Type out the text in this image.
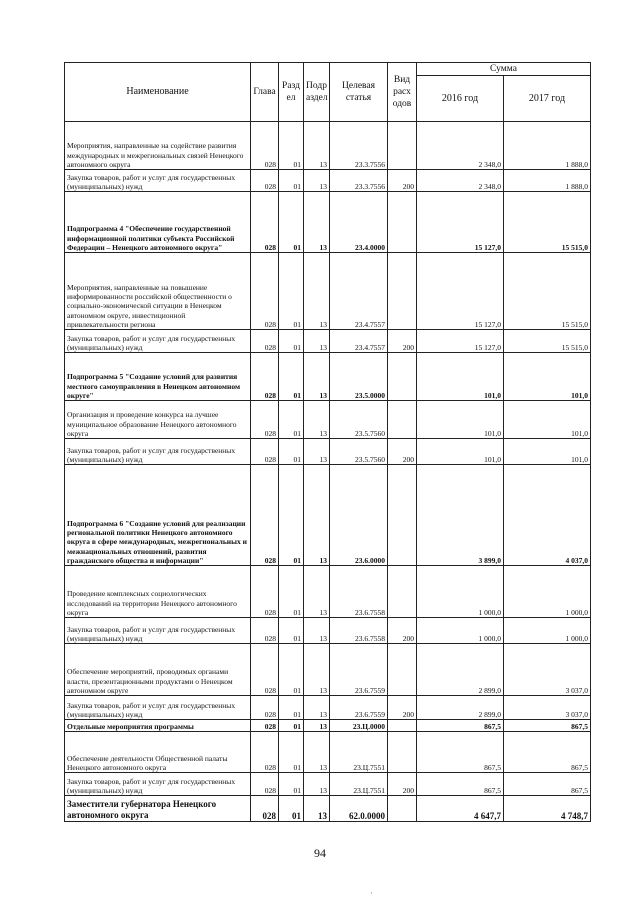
Наименование	Глава	Разд ел	Подр аздел	Целевая статья	Вид расх одов	Сумма	
						2016 год	2017 год
Мероприятия, направленные на содействие развития международных и межрегиональных связей Ненецкого автономного округа	028	01	13	23.3.7556		2 348,0	1 888,0
Закупка товаров, работ и услуг для государственных (муниципальных) нужд	028	01	13	23.3.7556	200	2 348,0	1 888,0
Подпрограмма 4 "Обеспечение государственной информационной политики субъекта Российской Федерации – Ненецкого автономного округа"	028	01	13	23.4.0000		15 127,0	15 515,0
Мероприятия, направленные на повышение информированности российской общественности о социально-экономической ситуации в Ненецком автономном округе, инвестиционной привлекательности региона	028	01	13	23.4.7557		15 127,0	15 515,0
Закупка товаров, работ и услуг для государственных (муниципальных) нужд	028	01	13	23.4.7557	200	15 127,0	15 515,0
Подпрограмма 5 "Создание условий для развития местного самоуправления в Ненецком автономном округе"	028	01	13	23.5.0000		101,0	101,0
Организация и проведение конкурса на лучшее муниципальное образование Ненецкого автономного округа	028	01	13	23.5.7560		101,0	101,0
Закупка товаров, работ и услуг для государственных (муниципальных) нужд	028	01	13	23.5.7560	200	101,0	101,0
Подпрограмма 6 "Создание условий для реализации региональной политики Ненецкого автономного округа в сфере международных, межрегиональных и межнациональных отношений, развития гражданского общества и информации"	028	01	13	23.6.0000		3 899,0	4 037,0
Проведение комплексных социологических исследований на территории Ненецкого автономного округа	028	01	13	23.6.7558		1 000,0	1 000,0
Закупка товаров, работ и услуг для государственных (муниципальных) нужд	028	01	13	23.6.7558	200	1 000,0	1 000,0
Обеспечение мероприятий, проводимых органами власти, презентационными продуктами о Ненецком автономном округе	028	01	13	23.6.7559		2 899,0	3 037,0
Закупка товаров, работ и услуг для государственных (муниципальных) нужд	028	01	13	23.6.7559	200	2 899,0	3 037,0
Отдельные мероприятия программы	028	01	13	23.Ц.0000		867,5	867,5
Обеспечение деятельности Общественной палаты Ненецкого автономного округа	028	01	13	23.Ц.7551		867,5	867,5
Закупка товаров, работ и услуг для государственных (муниципальных) нужд	028	01	13	23.Ц.7551	200	867,5	867,5
Заместители губернатора Ненецкого автономного округа	028	01	13	62.0.0000		4 647,7	4 748,7
94
·
